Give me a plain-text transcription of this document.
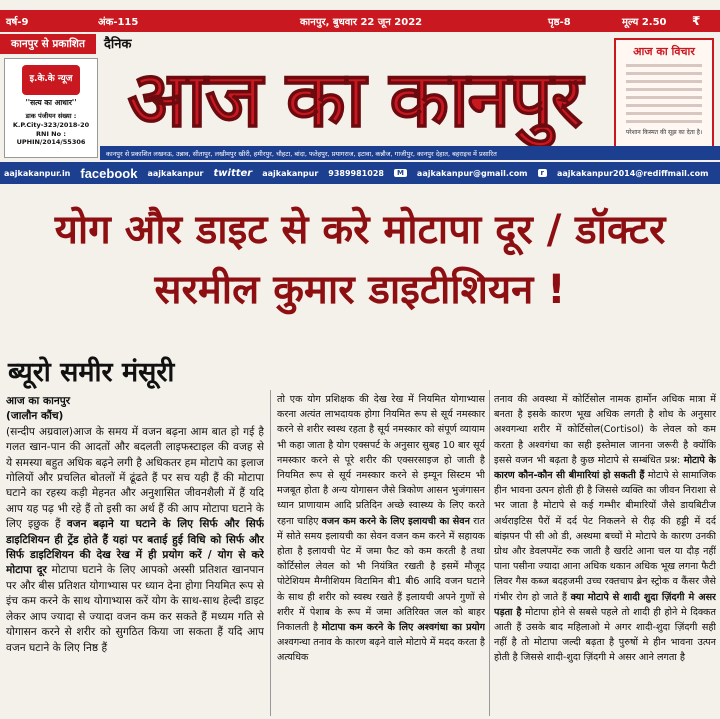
वर्ष-9	अंक-115	कानपुर, बुधवार 22 जून 2022	पृष्ठ-8	मूल्य 2.50 ₹
कानपुर से प्रकाशित	दैनिक
इ.के.के न्यूज
''सत्य का आधार''
डाक पंजीयन संख्या :
K.P.City-323/2018-20
RNI No :
UPHIN/2014/55306 आज का कानपुर
आज का विचार
परेशान किस्मत की सूझ का देता है।
कानपुर से प्रकाशित लखनऊ, उन्नाव, सीतापुर, लखीमपुर खीरी, हमीरपुर, चौहटा, बांदा, फतेहपुर, प्रयागराज, इटावा, कन्नौज, गाजीपुर, कानपुर देहात, बहराइच में प्रसारित
aajkakanpur.in facebook aajkakanpur twitter aajkakanpur 9389981028	M	aajkakanpur@gmail.com	r	aajkakanpur2014@rediffmail.com
योग और डाइट से करे मोटापा दूर / डॉक्टर
सरमील कुमार डाइटीशियन !
ब्यूरो समीर मंसूरी
आज का कानपुर
(जालौन कौंच)
(सन्दीप अग्रवाल)आज के समय में वजन बढ़ना आम बात हो गई है गलत खान-पान की आदतों और बदलती लाइफस्टाइल की वजह से ये समस्या बहुत अधिक बढ़ने लगी है अधिकतर हम मोटापे का इलाज गोलियों और प्रचलित बोतलों में ढूंढते हैं पर सच यही हैं की मोटापा घटाने का रहस्य कड़ी मेहनत और अनुशासित जीवनशैली में हैं यदि आप यह पढ़ भी रहे हैं तो इसी का अर्थ हैं की आप मोटापा घटाने के लिए इछुक हैं वजन बढ़ाने या घटाने के लिए सिर्फ और सिर्फ डाइटिशियन ही ट्रेंड होते हैं यहां पर बताई हुई विधि को सिर्फ और सिर्फ डाइटिशियन की देख रेख में ही प्रयोग करें / योग से करे मोटापा दूर मोटापा घटाने के लिए आपको अस्सी प्रतिशत खानपान पर और बीस प्रतिशत योगाभ्यास पर ध्यान देना होगा नियमित रूप से इंच कम करने के साथ योगाभ्यास करें योग के साथ-साथ हेल्दी डाइट लेकर आप ज्यादा से ज्यादा वजन कम कर सकते हैं मध्यम गति से योगासन करने से शरीर को सुगठित किया जा सकता हैं यदि आप वजन घटाने के लिए निष्ठ हैं
तो एक योग प्रशिक्षक की देख रेख में नियमित योगाभ्यास करना अत्यंत लाभदायक होगा नियमित रूप से सूर्य नमस्कार करने से शरीर स्वस्थ रहता है सूर्य नमस्कार को संपूर्ण व्यायाम भी कहा जाता है योग एक्सपर्ट के अनुसार सुबह 10 बार सूर्य नमस्कार करने से पूरे शरीर की एक्सरसाइज हो जाती है नियमित रूप से सूर्य नमस्कार करने से इम्यून सिस्टम भी मजबूत होता है अन्य योगासन जैसे त्रिकोण आसन भुजंगासन ध्यान प्राणायाम आदि प्रतिदिन अच्छे स्वास्थ्य के लिए करते रहना चाहिए वजन कम करने के लिए इलायची का सेवन रात में सोते समय इलायची का सेवन वजन कम करने में सहायक होता है इलायची पेट में जमा फैट को कम करती है तथा कोर्टिसोल लेवल को भी नियंत्रित रखती है इसमें मौजूद पोटेशियम मैग्नीशियम विटामिन बी1 बी6 आदि वजन घटाने के साथ ही शरीर को स्वस्थ रखते हैं इलायची अपने गुणों से शरीर में पेशाब के रूप में जमा अतिरिक्त जल को बाहर निकालती है मोटापा कम करने के लिए अश्वगंधा का प्रयोग अश्वगन्धा तनाव के कारण बढ़ने वाले मोटापे में मदद करता है अत्यधिक
तनाव की अवस्था में कोर्टिसोल नामक हार्मोन अधिक मात्रा में बनता है इसके कारण भूख अधिक लगती है शोध के अनुसार अश्वगन्धा शरीर में कोर्टिसोल(Cortisol) के लेवल को कम करता है अश्वगंधा का सही इस्तेमाल जानना जरूरी है क्योंकि इससे वजन भी बढ़ता है कुछ मोटापे से सम्बंधित प्रश्न: मोटापे के कारण कौन-कौन सी बीमारियां हो सकती हैं मोटापे से सामाजिक हीन भावना उत्पन होती ही है जिससे व्यक्ति का जीवन निराशा से भर जाता है मोटापे से कई गम्भीर बीमारियों जैसे डायबिटीज अर्थराइटिस पैरों में दर्द पेट निकलने से रीढ़ की हड्डी में दर्द बांझपन पी सी ओ डी, अस्थमा बच्चों मे मोटापे के कारण उनकी ग्रोथ और डेवलपमेंट रुक जाती है खर्राटे आना चल या दौड़ नहीं पाना पसीना ज्यादा आना अधिक थकान अधिक भूख लगना फैटी लिवर गैस कब्ज बदहजमी उच्च रक्तचाप ब्रेन स्ट्रोक व कैंसर जैसे गंभीर रोग हो जाते हैं क्या मोटापे से शादी शुदा ज़िंदगी मे असर पड़ता है मोटापा होने से सबसे पहले तो शादी ही होने मे दिक्कत आती हैं उसके बाद महिलाओ मे अगर शादी-शुदा ज़िंदगी सही नहीं है तो मोटापा जल्दी बढ़ता है पुरुषों मे हीन भावना उत्पन होती है जिससे शादी-शुदा ज़िंदगी मे असर आने लगता है
